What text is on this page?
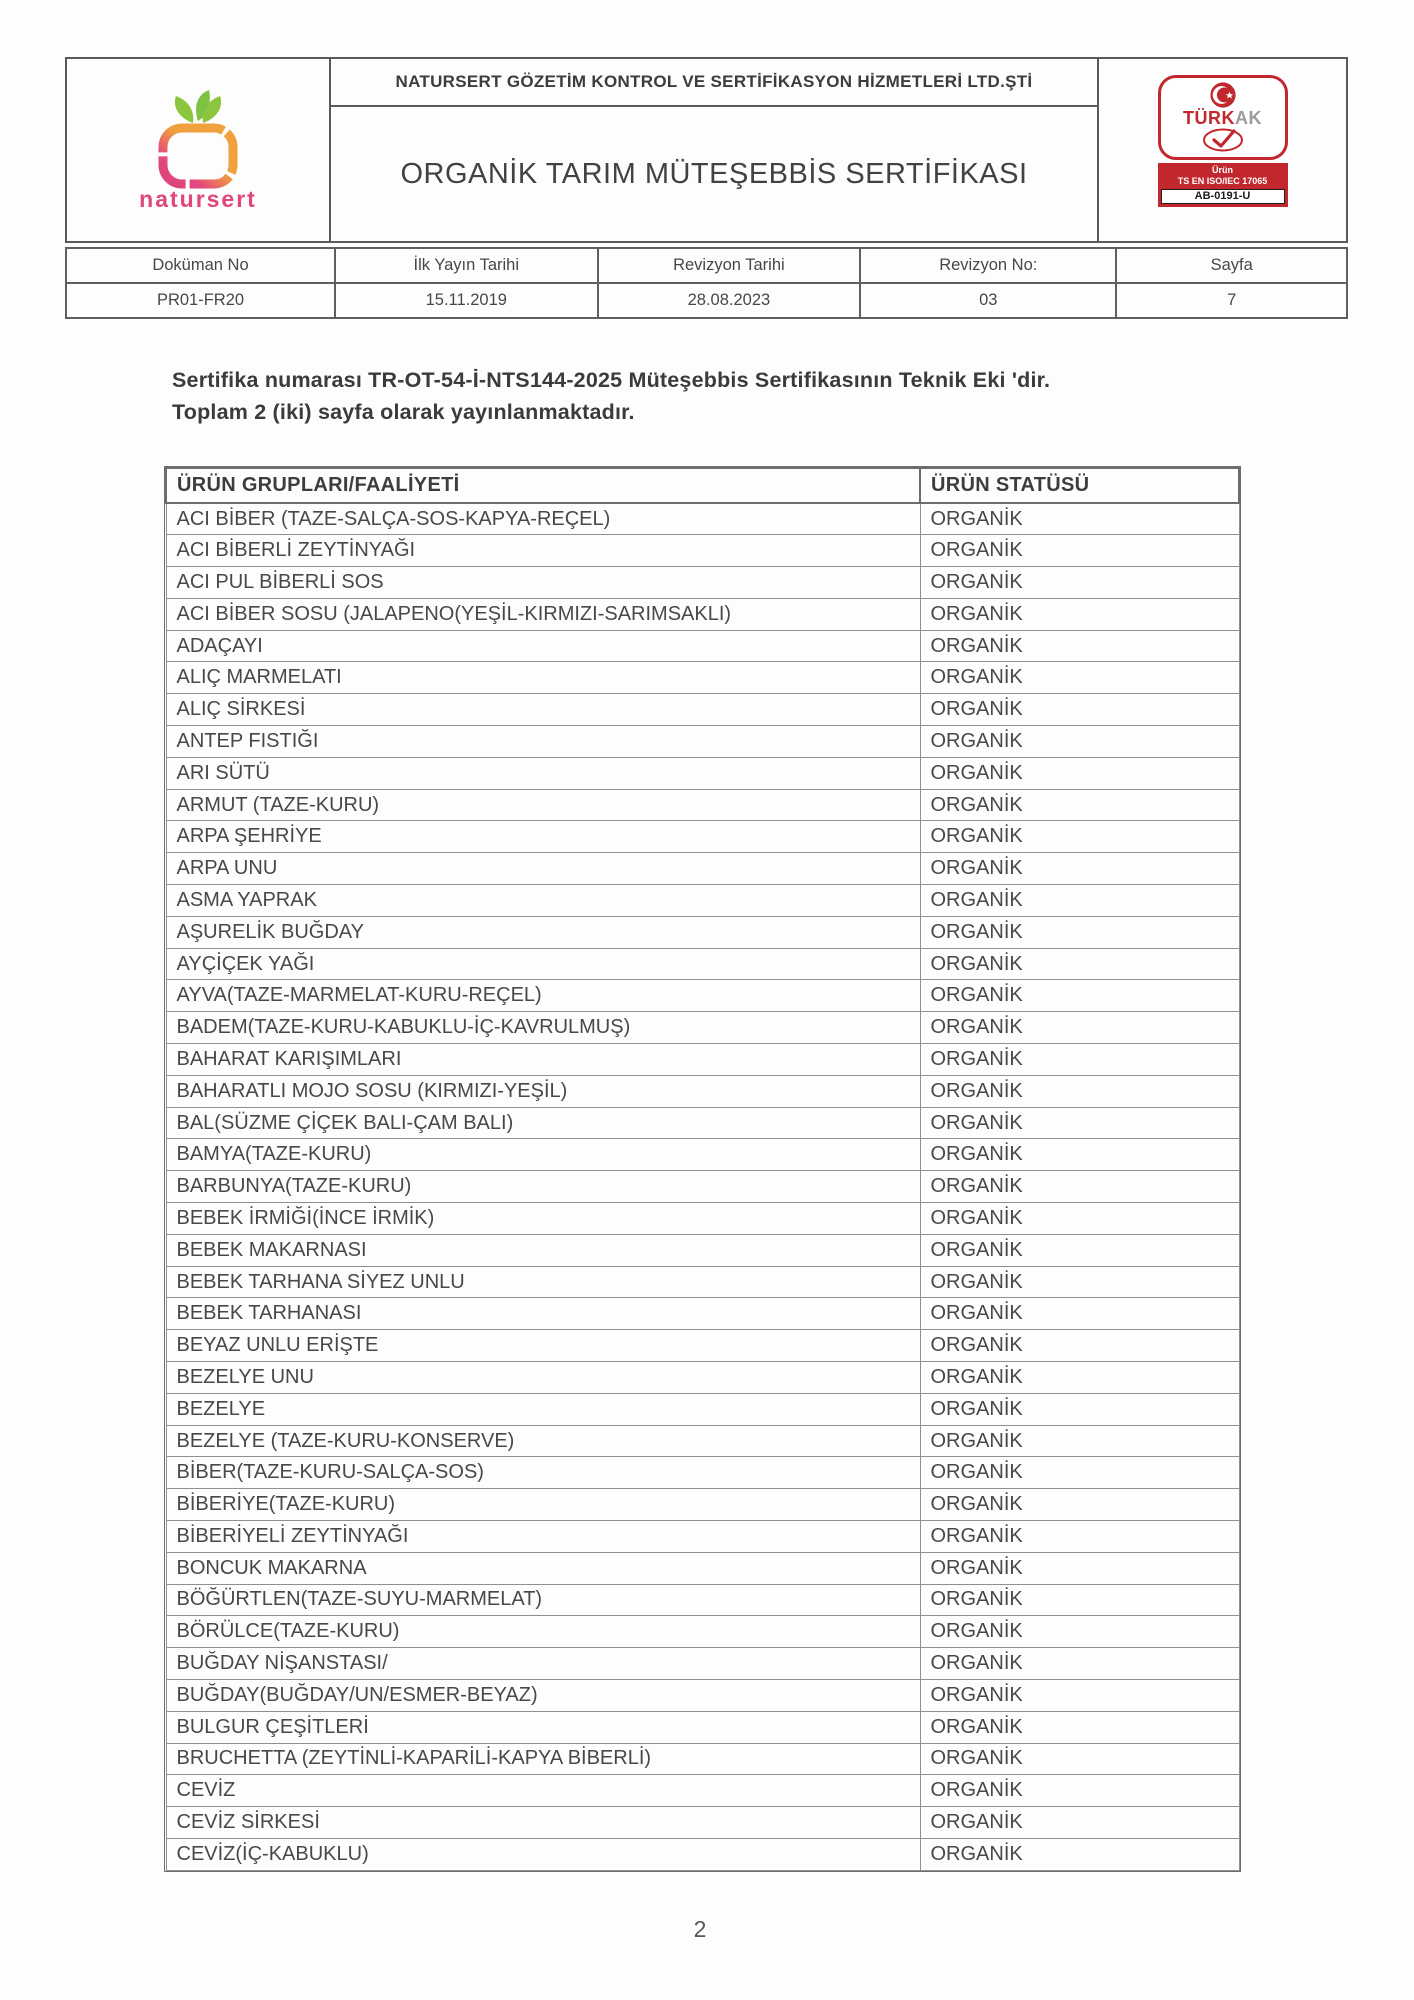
natursert
NATURSERT GÖZETİM KONTROL VE SERTİFİKASYON HİZMETLERİ LTD.ŞTİ
ORGANİK TARIM MÜTEŞEBBİS SERTİFİKASI
TÜRKAK
Ürün
TS EN ISO/IEC 17065
AB-0191-U
Doküman No	İlk Yayın Tarihi	Revizyon Tarihi	Revizyon No:	Sayfa
PR01-FR20	15.11.2019	28.08.2023	03	7

Sertifika numarası TR-OT-54-İ-NTS144-2025 Müteşebbis Sertifikasının Teknik Eki 'dir. Toplam 2 (iki) sayfa olarak yayınlanmaktadır.

ÜRÜN GRUPLARI/FAALİYETİ	ÜRÜN STATÜSÜ
ACI BİBER (TAZE-SALÇA-SOS-KAPYA-REÇEL)	ORGANİK
ACI BİBERLİ ZEYTİNYAĞI	ORGANİK
ACI PUL BİBERLİ SOS	ORGANİK
ACI BİBER SOSU (JALAPENO(YEŞİL-KIRMIZI-SARIMSAKLI)	ORGANİK
ADAÇAYI	ORGANİK
ALIÇ MARMELATI	ORGANİK
ALIÇ SİRKESİ	ORGANİK
ANTEP FISTIĞI	ORGANİK
ARI SÜTÜ	ORGANİK
ARMUT (TAZE-KURU)	ORGANİK
ARPA ŞEHRİYE	ORGANİK
ARPA UNU	ORGANİK
ASMA YAPRAK	ORGANİK
AŞURELİK BUĞDAY	ORGANİK
AYÇİÇEK YAĞI	ORGANİK
AYVA(TAZE-MARMELAT-KURU-REÇEL)	ORGANİK
BADEM(TAZE-KURU-KABUKLU-İÇ-KAVRULMUŞ)	ORGANİK
BAHARAT KARIŞIMLARI	ORGANİK
BAHARATLI MOJO SOSU (KIRMIZI-YEŞİL)	ORGANİK
BAL(SÜZME ÇİÇEK BALI-ÇAM BALI)	ORGANİK
BAMYA(TAZE-KURU)	ORGANİK
BARBUNYA(TAZE-KURU)	ORGANİK
BEBEK İRMİĞİ(İNCE İRMİK)	ORGANİK
BEBEK MAKARNASI	ORGANİK
BEBEK TARHANA SİYEZ UNLU	ORGANİK
BEBEK TARHANASI	ORGANİK
BEYAZ UNLU ERİŞTE	ORGANİK
BEZELYE UNU	ORGANİK
BEZELYE	ORGANİK
BEZELYE (TAZE-KURU-KONSERVE)	ORGANİK
BİBER(TAZE-KURU-SALÇA-SOS)	ORGANİK
BİBERİYE(TAZE-KURU)	ORGANİK
BİBERİYELİ ZEYTİNYAĞI	ORGANİK
BONCUK MAKARNA	ORGANİK
BÖĞÜRTLEN(TAZE-SUYU-MARMELAT)	ORGANİK
BÖRÜLCE(TAZE-KURU)	ORGANİK
BUĞDAY NİŞANSTASI/	ORGANİK
BUĞDAY(BUĞDAY/UN/ESMER-BEYAZ)	ORGANİK
BULGUR ÇEŞİTLERİ	ORGANİK
BRUCHETTA (ZEYTİNLİ-KAPARİLİ-KAPYA BİBERLİ)	ORGANİK
CEVİZ	ORGANİK
CEVİZ SİRKESİ	ORGANİK
CEVİZ(İÇ-KABUKLU)	ORGANİK
2
